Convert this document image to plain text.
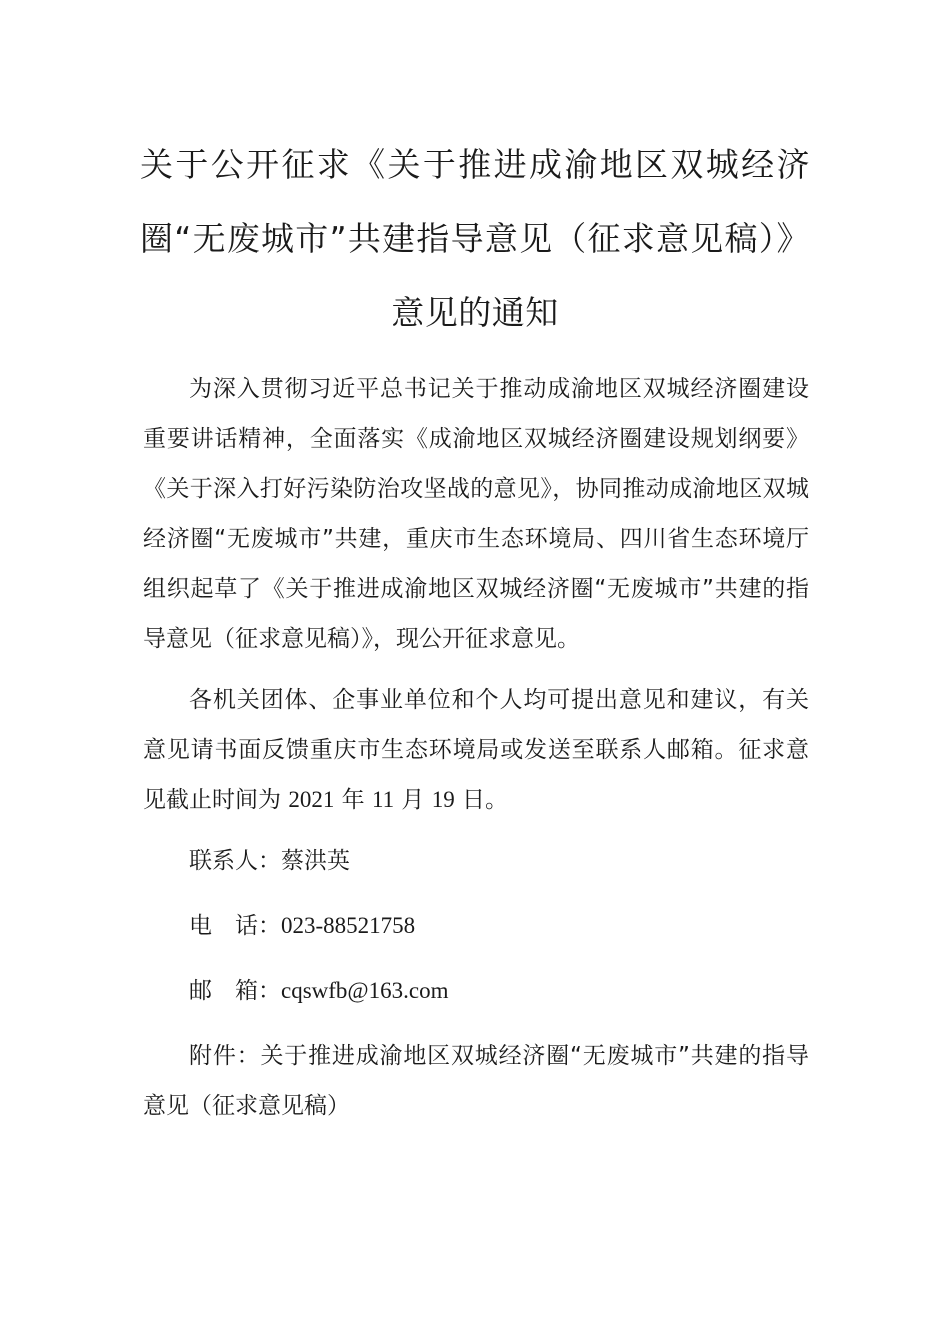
关于公开征求《关于推进成渝地区双城经济圈“无废城市”共建指导意见（征求意见稿）》意见的通知

为深入贯彻习近平总书记关于推动成渝地区双城经济圈建设重要讲话精神，全面落实《成渝地区双城经济圈建设规划纲要》《关于深入打好污染防治攻坚战的意见》，协同推动成渝地区双城经济圈“无废城市”共建，重庆市生态环境局、四川省生态环境厅组织起草了《关于推进成渝地区双城经济圈“无废城市”共建的指导意见（征求意见稿）》，现公开征求意见。

各机关团体、企事业单位和个人均可提出意见和建议，有关意见请书面反馈重庆市生态环境局或发送至联系人邮箱。征求意见截止时间为 2021 年 11 月 19 日。

联系人：蔡洪英

电　话：023-88521758

邮　箱：cqswfb@163.com

附件：关于推进成渝地区双城经济圈“无废城市”共建的指导意见（征求意见稿）
